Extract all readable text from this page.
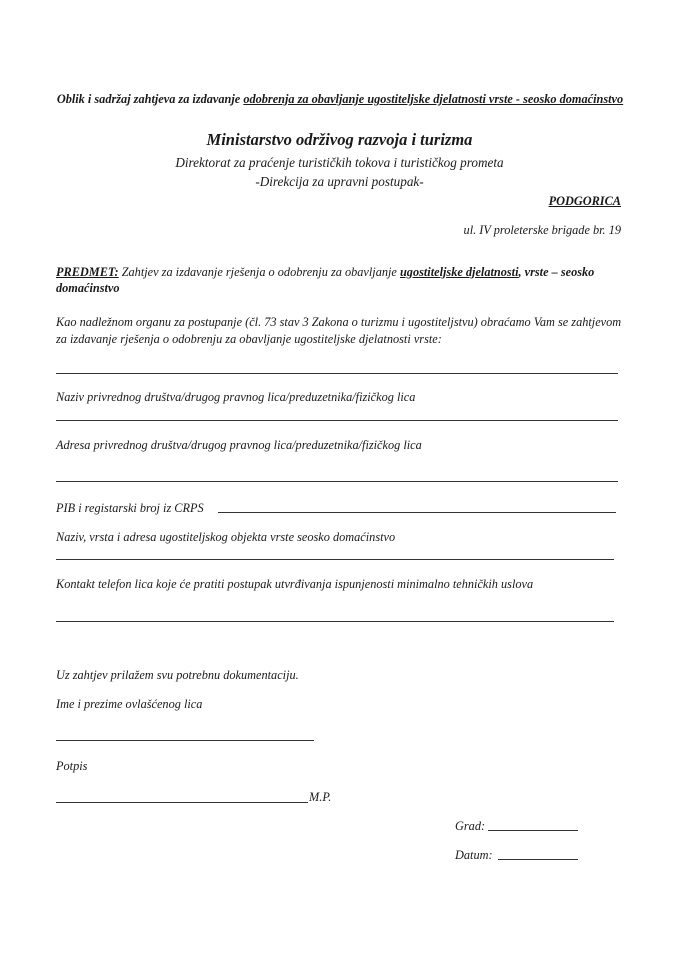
Oblik i sadržaj zahtjeva za izdavanje odobrenja za obavljanje ugostiteljske djelatnosti vrste - seosko domaćinstvo
Ministarstvo održivog razvoja i turizma
Direktorat za praćenje turističkih tokova i turističkog prometa
-Direkcija za upravni postupak-
PODGORICA
ul. IV proleterske brigade br. 19
PREDMET: Zahtjev za izdavanje rješenja o odobrenju za obavljanje ugostiteljske djelatnosti, vrste – seosko domaćinstvo
Kao nadležnom organu za postupanje (čl. 73 stav 3 Zakona o turizmu i ugostiteljstvu) obraćamo Vam se zahtjevom za izdavanje rješenja o odobrenju za obavljanje ugostiteljske djelatnosti vrste:
Naziv privrednog društva/drugog pravnog lica/preduzetnika/fizičkog lica
Adresa privrednog društva/drugog pravnog lica/preduzetnika/fizičkog lica
PIB i registarski broj iz CRPS
Naziv, vrsta i adresa ugostiteljskog objekta vrste seosko domaćinstvo
Kontakt telefon lica koje će pratiti postupak utvrđivanja ispunjenosti minimalno tehničkih uslova
Uz zahtjev prilažem svu potrebnu dokumentaciju.
Ime i prezime ovlašćenog lica
Potpis
M.P.
Grad:
Datum:
